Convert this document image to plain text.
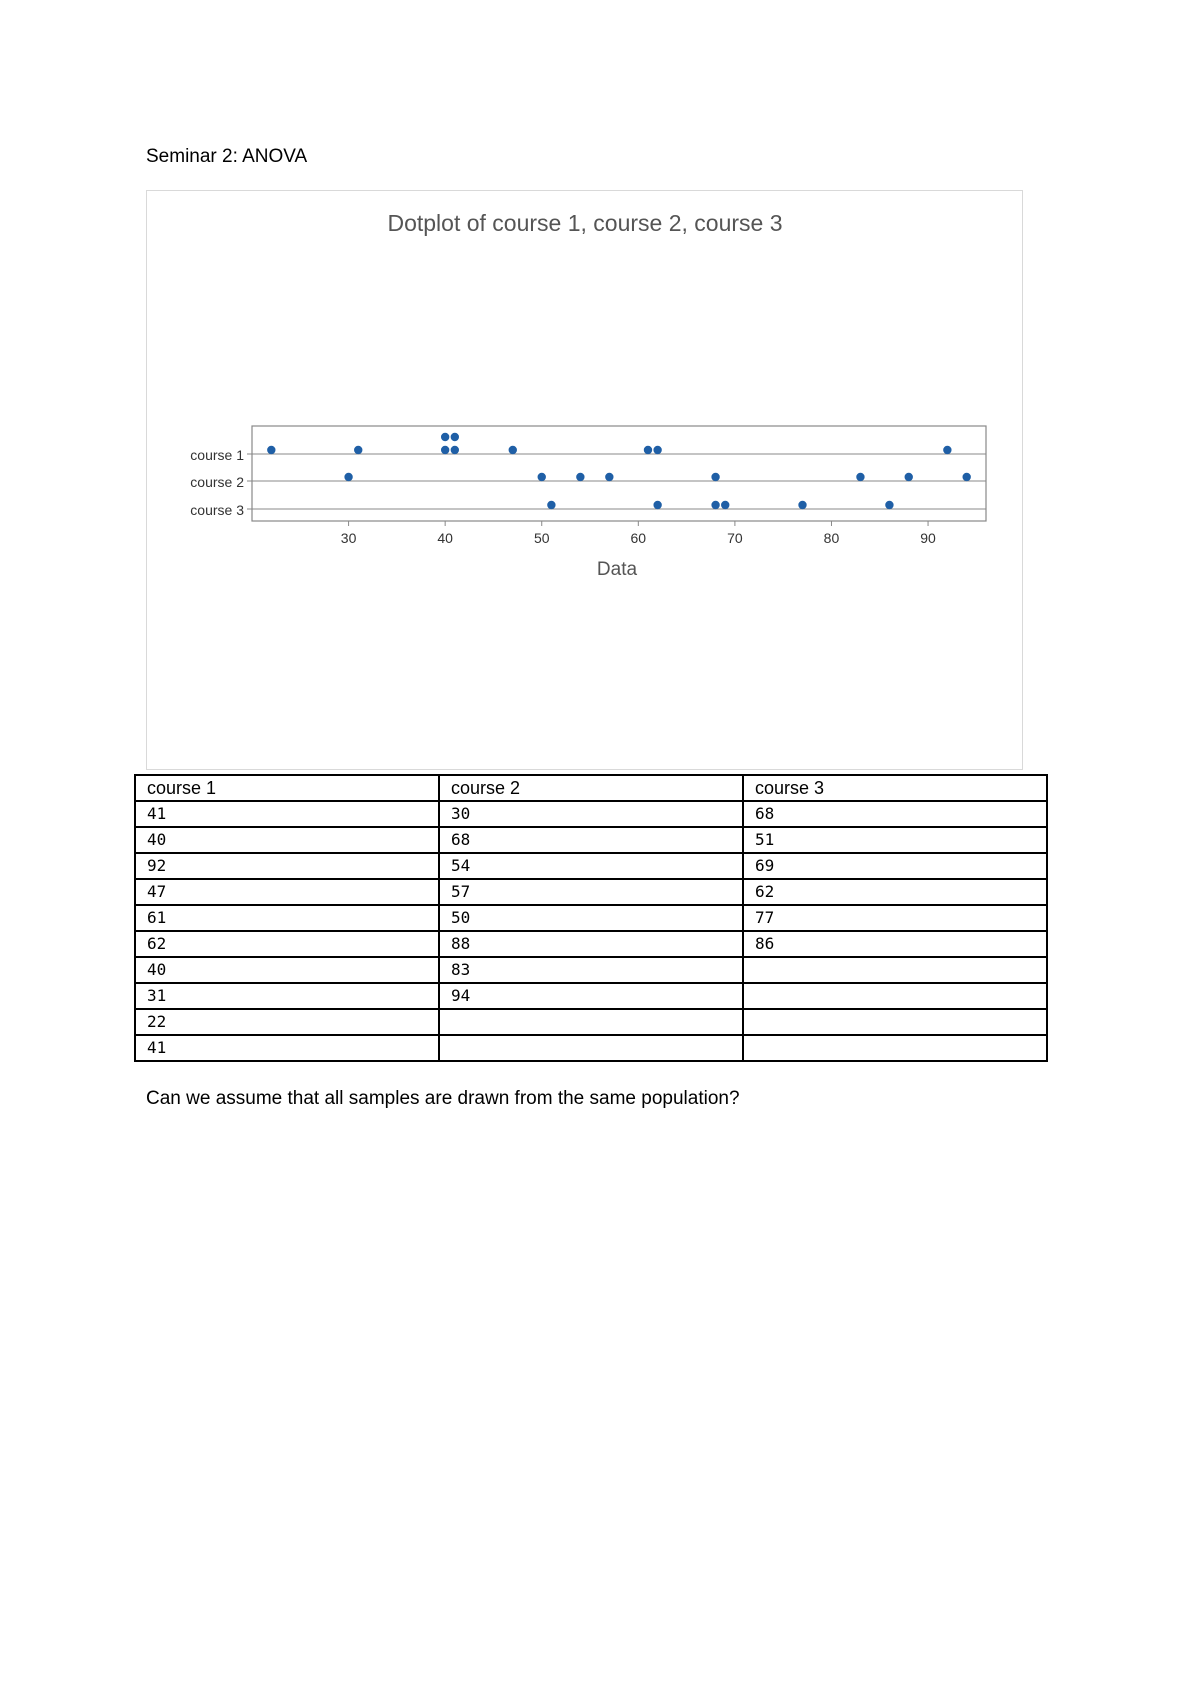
Seminar 2: ANOVA
Dotplot of course 1, course 2, course 3
course 1
course 2
course 3
30	40	50	60	70	80	90
Data
course 1	course 2	course 3
41	30	68
40	68	51
92	54	69
47	57	62
61	50	77
62	88	86
40	83	
31	94	
22		
41		
Can we assume that all samples are drawn from the same population?
